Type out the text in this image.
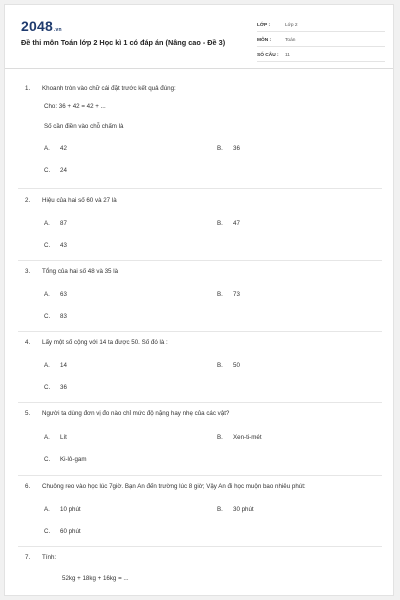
2048.vn
Đề thi môn Toán lớp 2 Học kì 1 có đáp án (Nâng cao - Đề 3)
LỚP :	Lớp 2
MÔN :	Toán
SỐ CÂU :	11
1. Khoanh tròn vào chữ cái đặt trước kết quả đúng:
Cho: 36 + 42 = 42 + ...
Số cần điền vào chỗ chấm là
A. 42	B. 36
C. 24
2. Hiệu của hai số 60 và 27 là
A. 87	B. 47
C. 43
3. Tổng của hai số 48 và 35 là
A. 63	B. 73
C. 83
4. Lấy một số cộng với 14 ta được 50. Số đó là :
A. 14	B. 50
C. 36
5. Người ta dùng đơn vị đo nào chỉ mức độ nặng hay nhẹ của các vật?
A. Lít	B. Xen-ti-mét
C. Ki-lô-gam
6. Chuông reo vào học lúc 7giờ. Bạn An đến trường lúc 8 giờ; Vậy An đi học muộn bao nhiêu phút:
A. 10 phút	B. 30 phút
C. 60 phút
7. Tính:
52kg + 18kg + 16kg = ...
